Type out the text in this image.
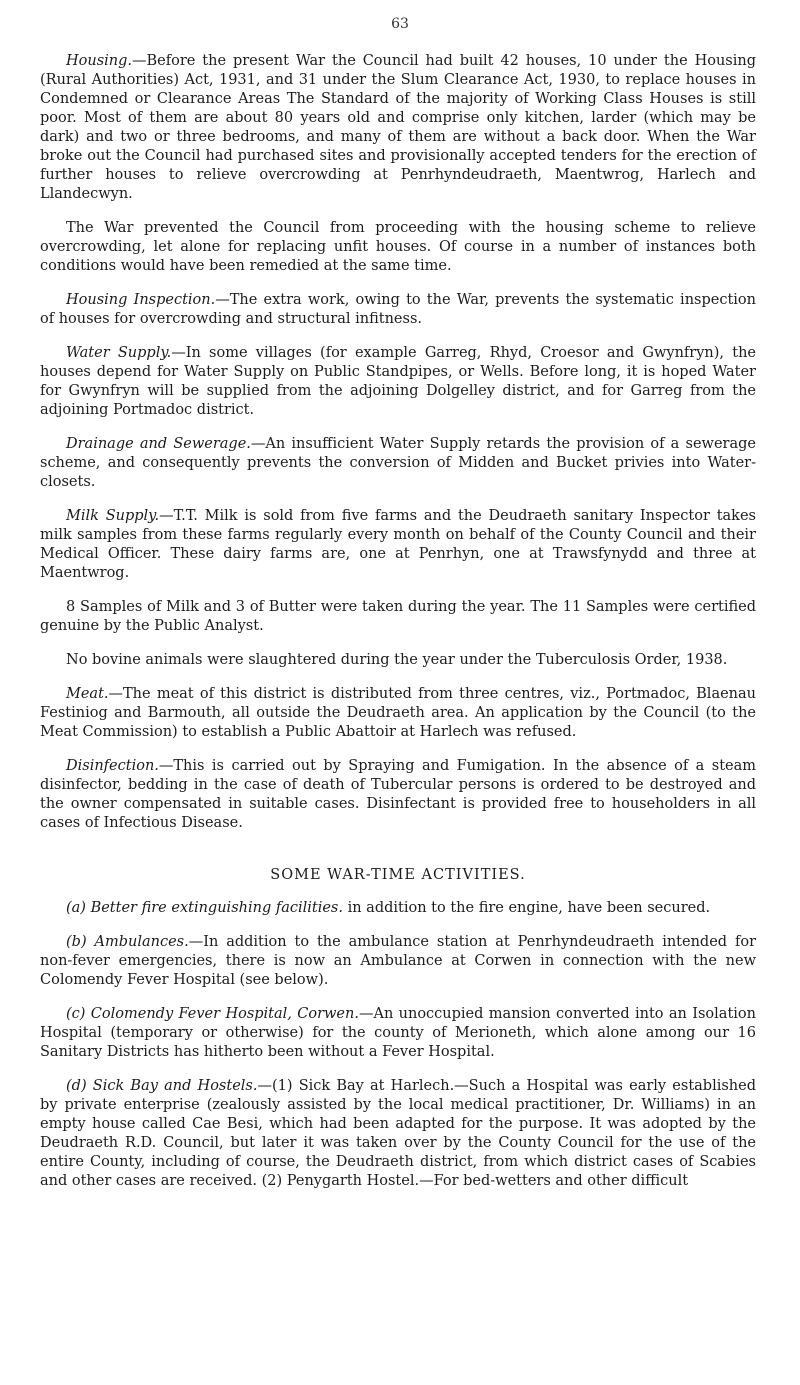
63

Housing.—Before the present War the Council had built 42 houses, 10 under the Housing (Rural Authorities) Act, 1931, and 31 under the Slum Clearance Act, 1930, to replace houses in Condemned or Clearance Areas The Standard of the majority of Working Class Houses is still poor. Most of them are about 80 years old and comprise only kitchen, larder (which may be dark) and two or three bedrooms, and many of them are without a back door. When the War broke out the Council had purchased sites and provisionally accepted tenders for the erection of further houses to relieve overcrowding at Penrhyndeudraeth, Maentwrog, Harlech and Llandecwyn.

The War prevented the Council from proceeding with the housing scheme to relieve overcrowding, let alone for replacing unfit houses. Of course in a number of instances both conditions would have been remedied at the same time.

Housing Inspection.—The extra work, owing to the War, prevents the systematic inspection of houses for overcrowding and structural infitness.

Water Supply.—In some villages (for example Garreg, Rhyd, Croesor and Gwynfryn), the houses depend for Water Supply on Public Standpipes, or Wells. Before long, it is hoped Water for Gwynfryn will be supplied from the adjoining Dolgelley district, and for Garreg from the adjoining Portmadoc district.

Drainage and Sewerage.—An insufficient Water Supply retards the provision of a sewerage scheme, and consequently prevents the conversion of Midden and Bucket privies into Water-closets.

Milk Supply.—T.T. Milk is sold from five farms and the Deudraeth sanitary Inspector takes milk samples from these farms regularly every month on behalf of the County Council and their Medical Officer. These dairy farms are, one at Penrhyn, one at Trawsfynydd and three at Maentwrog.

8 Samples of Milk and 3 of Butter were taken during the year. The 11 Samples were certified genuine by the Public Analyst.

No bovine animals were slaughtered during the year under the Tuberculosis Order, 1938.

Meat.—The meat of this district is distributed from three centres, viz., Portmadoc, Blaenau Festiniog and Barmouth, all outside the Deudraeth area. An application by the Council (to the Meat Commission) to establish a Public Abattoir at Harlech was refused.

Disinfection.—This is carried out by Spraying and Fumigation. In the absence of a steam disinfector, bedding in the case of death of Tubercular persons is ordered to be destroyed and the owner compensated in suitable cases. Disinfectant is provided free to householders in all cases of Infectious Disease.

SOME WAR-TIME ACTIVITIES.

(a) Better fire extinguishing facilities. in addition to the fire engine, have been secured.

(b) Ambulances.—In addition to the ambulance station at Penrhyndeudraeth intended for non-fever emergencies, there is now an Ambulance at Corwen in connection with the new Colomendy Fever Hospital (see below).

(c) Colomendy Fever Hospital, Corwen.—An unoccupied mansion converted into an Isolation Hospital (temporary or otherwise) for the county of Merioneth, which alone among our 16 Sanitary Districts has hitherto been without a Fever Hospital.

(d) Sick Bay and Hostels.—(1) Sick Bay at Harlech.—Such a Hospital was early established by private enterprise (zealously assisted by the local medical practitioner, Dr. Williams) in an empty house called Cae Besi, which had been adapted for the purpose. It was adopted by the Deudraeth R.D. Council, but later it was taken over by the County Council for the use of the entire County, including of course, the Deudraeth district, from which district cases of Scabies and other cases are received. (2) Penygarth Hostel.—For bed-wetters and other difficult
